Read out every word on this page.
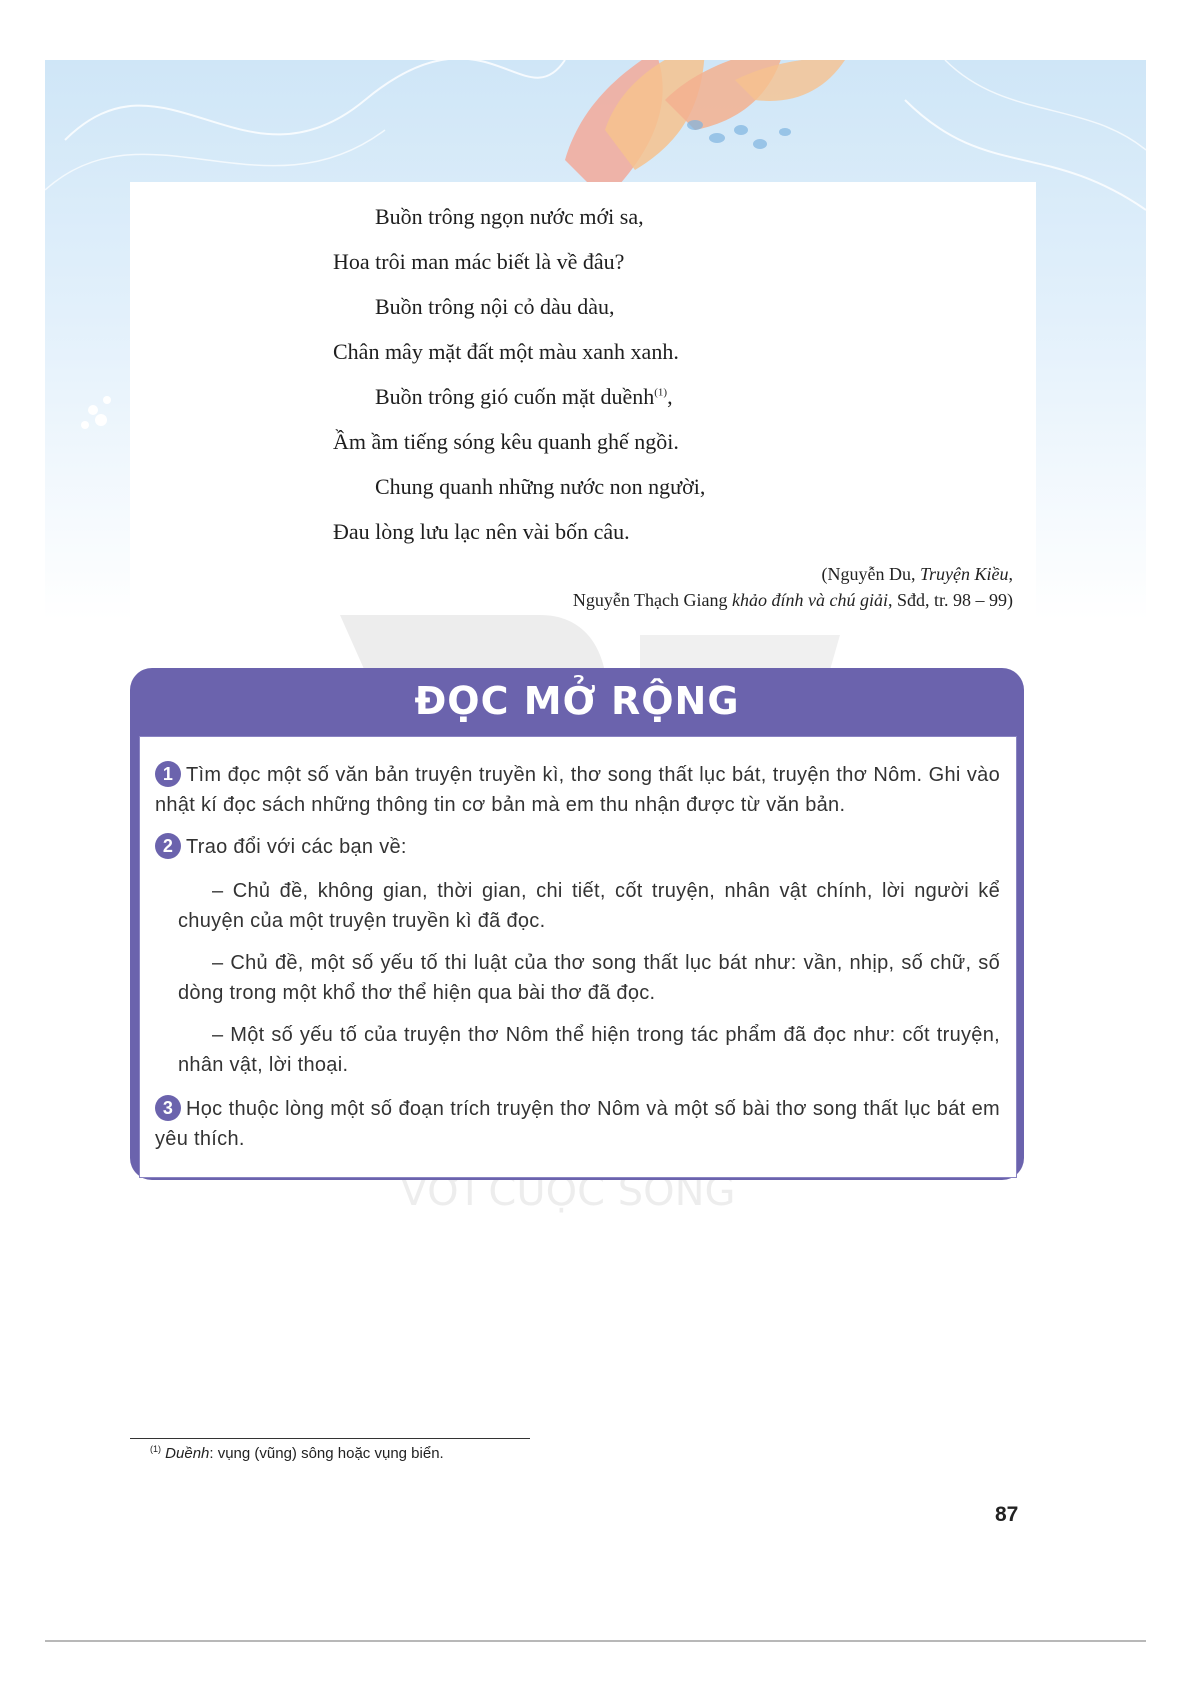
VỚI CUỘC SỐNG
Buồn trông ngọn nước mới sa,
Hoa trôi man mác biết là về đâu?
Buồn trông nội cỏ dàu dàu,
Chân mây mặt đất một màu xanh xanh.
Buồn trông gió cuốn mặt duềnh$^{(1)}$,
Ầm ầm tiếng sóng kêu quanh ghế ngồi.
Chung quanh những nước non người,
Đau lòng lưu lạc nên vài bốn câu.
(Nguyễn Du, Truyện Kiều,
Nguyễn Thạch Giang khảo đính và chú giải, Sđd, tr. 98 – 99)
ĐỌC MỞ RỘNG
1 Tìm đọc một số văn bản truyện truyền kì, thơ song thất lục bát, truyện thơ Nôm. Ghi vào nhật kí đọc sách những thông tin cơ bản mà em thu nhận được từ văn bản.
2 Trao đổi với các bạn về:
– Chủ đề, không gian, thời gian, chi tiết, cốt truyện, nhân vật chính, lời người kể chuyện của một truyện truyền kì đã đọc.
– Chủ đề, một số yếu tố thi luật của thơ song thất lục bát như: vần, nhịp, số chữ, số dòng trong một khổ thơ thể hiện qua bài thơ đã đọc.
– Một số yếu tố của truyện thơ Nôm thể hiện trong tác phẩm đã đọc như: cốt truyện, nhân vật, lời thoại.
3 Học thuộc lòng một số đoạn trích truyện thơ Nôm và một số bài thơ song thất lục bát em yêu thích.
$^{(1)}$ Duềnh: vụng (vũng) sông hoặc vụng biển.
87
